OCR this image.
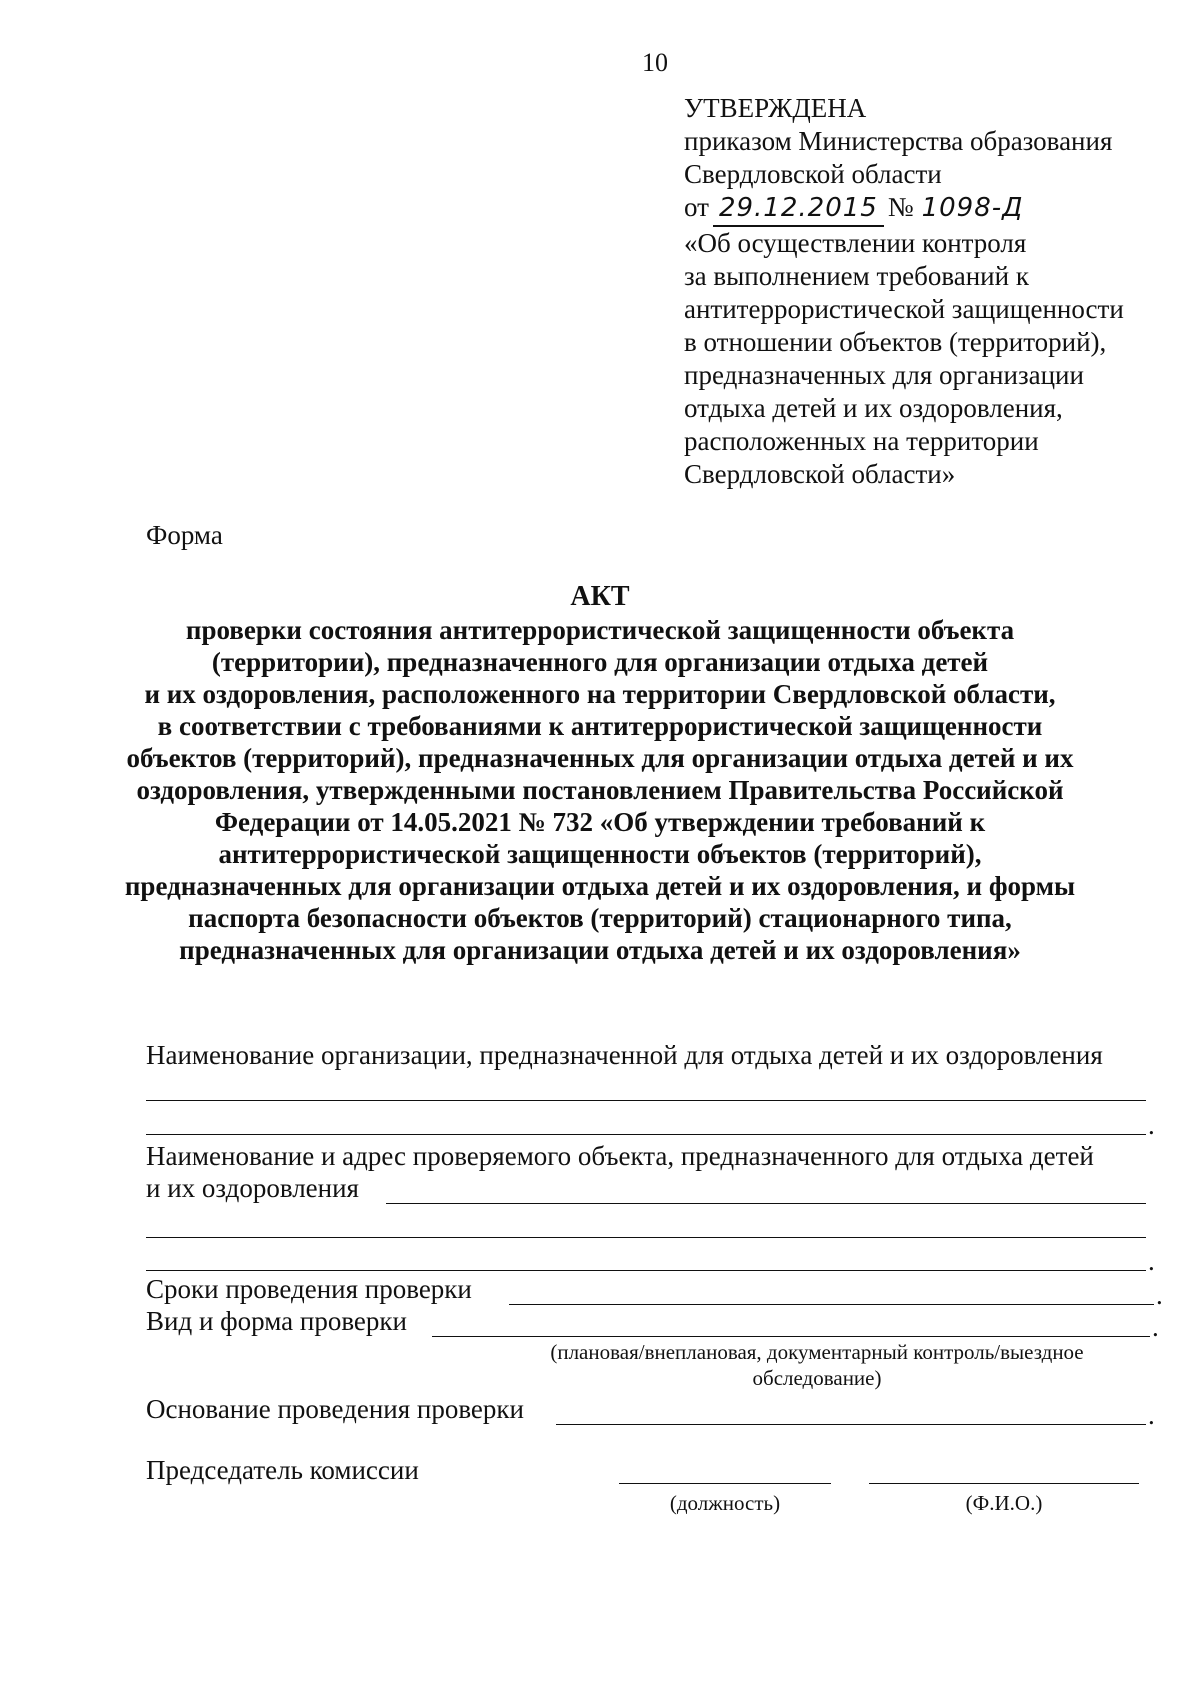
10
УТВЕРЖДЕНА
приказом Министерства образования
Свердловской области
от 29.12.2015 № 1098-Д
«Об осуществлении контроля
за выполнением требований к
антитеррористической защищенности
в отношении объектов (территорий),
предназначенных для организации
отдыха детей и их оздоровления,
расположенных на территории
Свердловской области»
Форма
АКТ
проверки состояния антитеррористической защищенности объекта
(территории), предназначенного для организации отдыха детей
и их оздоровления, расположенного на территории Свердловской области,
в соответствии с требованиями к антитеррористической защищенности
объектов (территорий), предназначенных для организации отдыха детей и их
оздоровления, утвержденными постановлением Правительства Российской
Федерации от 14.05.2021 № 732 «Об утверждении требований к
антитеррористической защищенности объектов (территорий),
предназначенных для организации отдыха детей и их оздоровления, и формы
паспорта безопасности объектов (территорий) стационарного типа,
предназначенных для организации отдыха детей и их оздоровления»
Наименование организации, предназначенной для отдыха детей и их оздоровления
.
Наименование и адрес проверяемого объекта, предназначенного для отдыха детей
и их оздоровления
.
Сроки проведения проверки	.
Вид и форма проверки	.
(плановая/внеплановая, документарный контроль/выездное
обследование)
Основание проведения проверки	.
Председатель комиссии
(должность)	(Ф.И.О.)
